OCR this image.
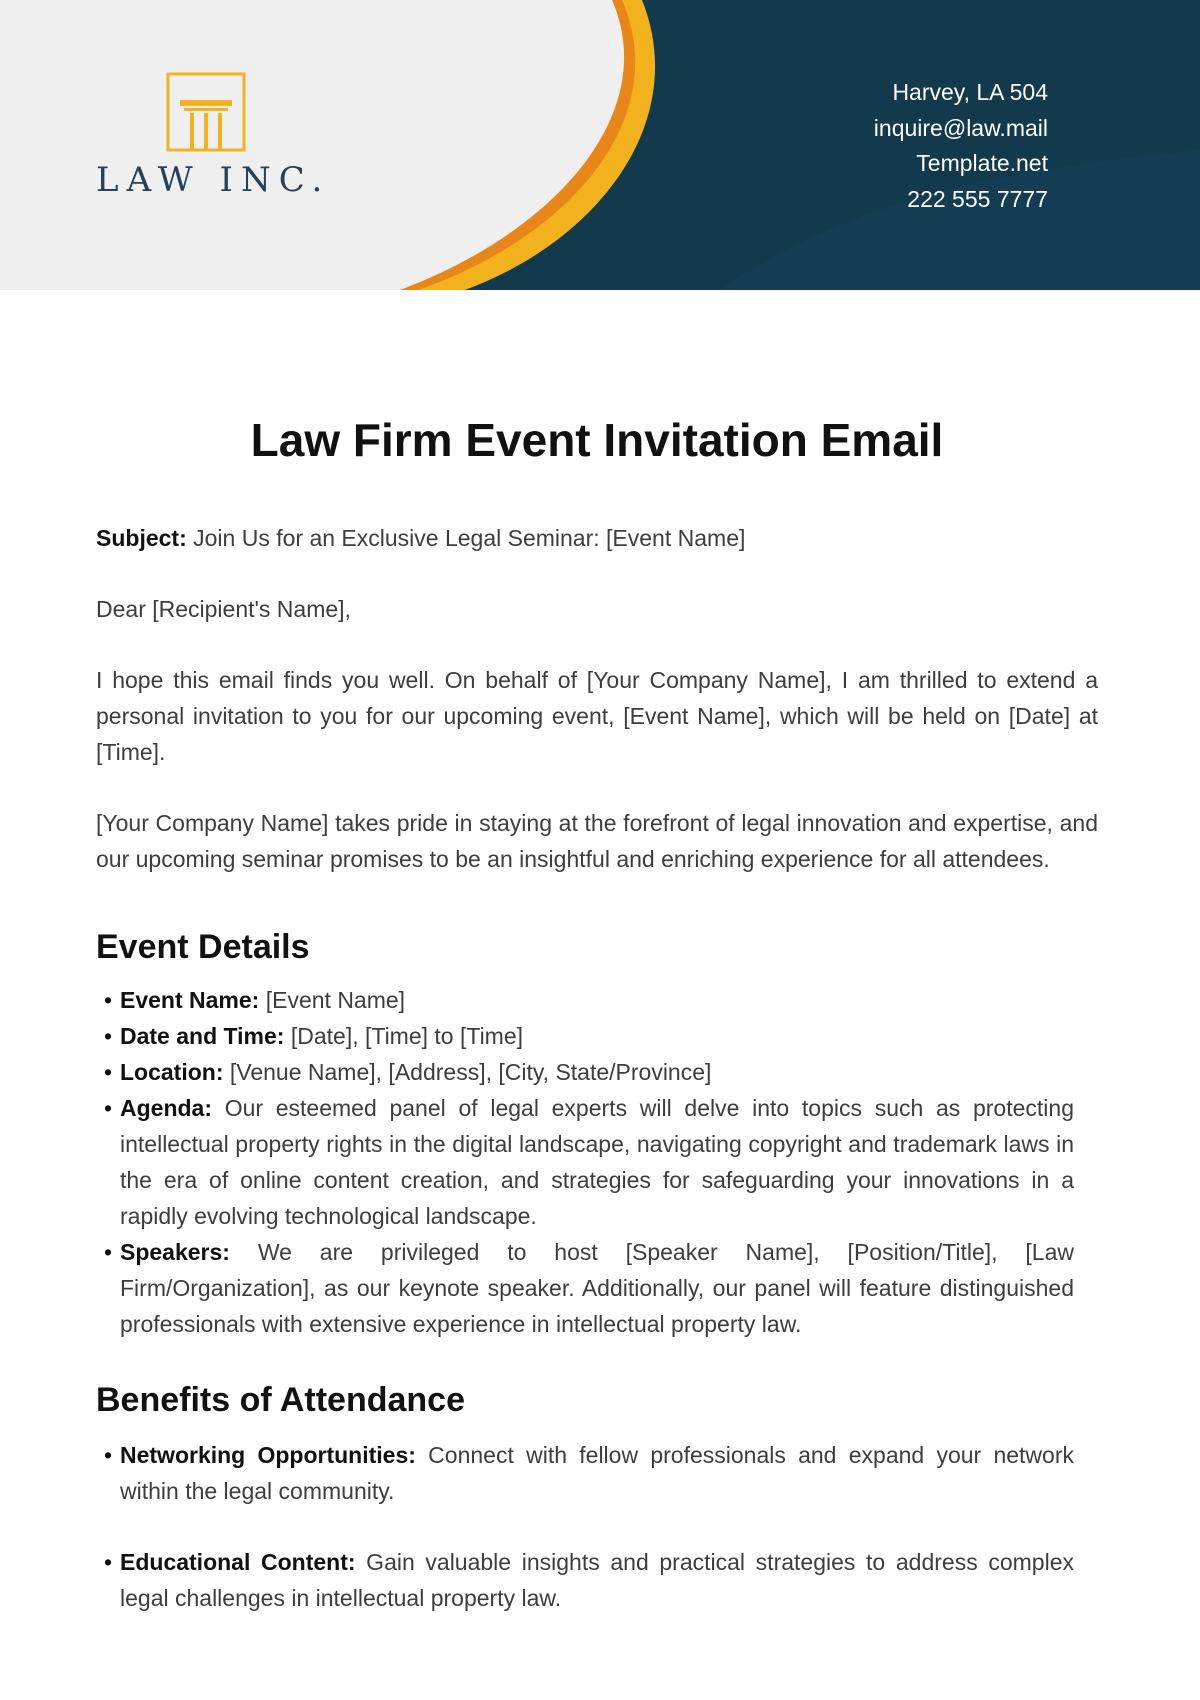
LAW INC.
Harvey, LA 504
inquire@law.mail
Template.net
222 555 7777
Law Firm Event Invitation Email

Subject: Join Us for an Exclusive Legal Seminar: [Event Name]

Dear [Recipient's Name],

I hope this email finds you well. On behalf of [Your Company Name], I am thrilled to extend a personal invitation to you for our upcoming event, [Event Name], which will be held on [Date] at [Time].

[Your Company Name] takes pride in staying at the forefront of legal innovation and expertise, and our upcoming seminar promises to be an insightful and enriching experience for all attendees.

Event Details
• Event Name: [Event Name]
• Date and Time: [Date], [Time] to [Time]
• Location: [Venue Name], [Address], [City, State/Province]
• Agenda: Our esteemed panel of legal experts will delve into topics such as protecting intellectual property rights in the digital landscape, navigating copyright and trademark laws in the era of online content creation, and strategies for safeguarding your innovations in a rapidly evolving technological landscape.
• Speakers: We are privileged to host [Speaker Name], [Position/Title], [Law Firm/Organization], as our keynote speaker. Additionally, our panel will feature distinguished professionals with extensive experience in intellectual property law.
Benefits of Attendance
• Networking Opportunities: Connect with fellow professionals and expand your network within the legal community.
• Educational Content: Gain valuable insights and practical strategies to address complex legal challenges in intellectual property law.
